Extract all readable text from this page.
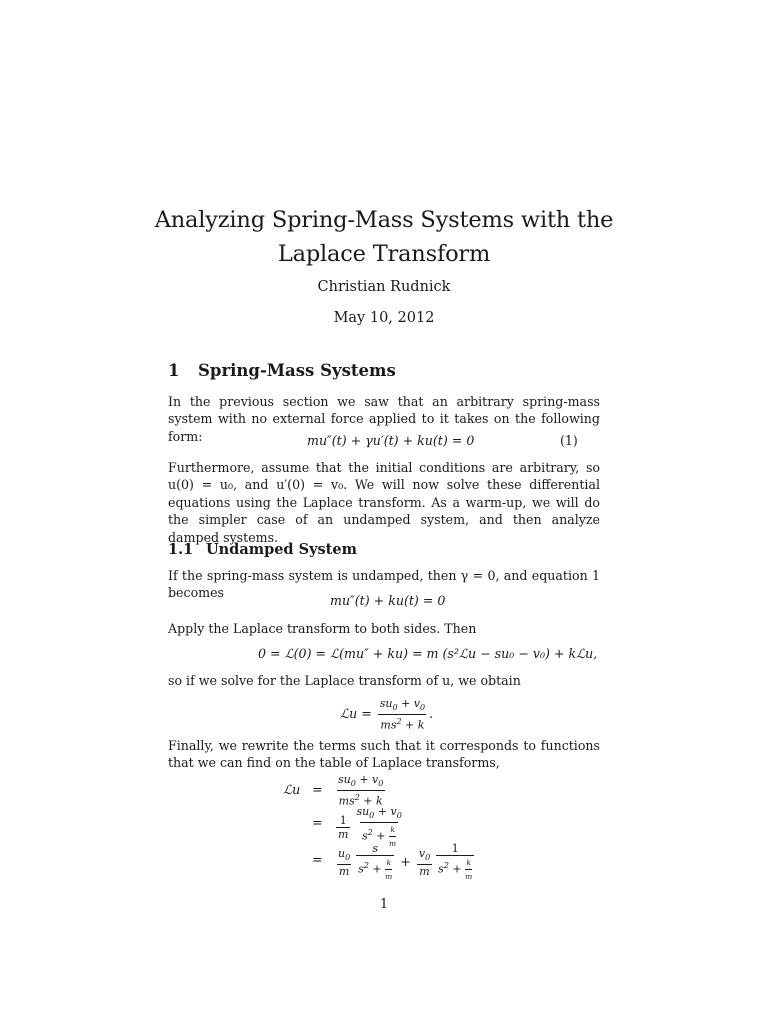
Analyzing Spring-Mass Systems with the Laplace Transform
Christian Rudnick
May 10, 2012
1 Spring-Mass Systems

In the previous section we saw that an arbitrary spring-mass system with no external force applied to it takes on the following form:	mu″(t) + γu′(t) + ku(t) = 0	(1)

Furthermore, assume that the initial conditions are arbitrary, so u(0) = u₀, and u′(0) = v₀. We will now solve these differential equations using the Laplace transform. As a warm-up, we will do the simpler case of an undamped system, and then analyze damped systems.

1.1 Undamped System

If the spring-mass system is undamped, then γ = 0, and equation 1 becomes

mu″(t) + ku(t) = 0

Apply the Laplace transform to both sides. Then

0 = ℒ(0) = ℒ(mu″ + ku) = m (s²ℒu − su₀ − v₀) + kℒu,

so if we solve for the Laplace transform of u, we obtain

ℒu = $\frac{su_0 + v_0}{ms^2 + k}$ .

Finally, we rewrite the terms such that it corresponds to functions that we can find on the table of Laplace transforms,

ℒu = $\frac{su_0 + v_0}{ms^2 + k}$
= $\frac{1}{m} \frac{su_0 + v_0}{s^2 + \frac{k}{m}}$
= $\frac{u_0}{m} \frac{s}{s^2 + \frac{k}{m}} + \frac{v_0}{m} \frac{1}{s^2 + \frac{k}{m}}$
1
